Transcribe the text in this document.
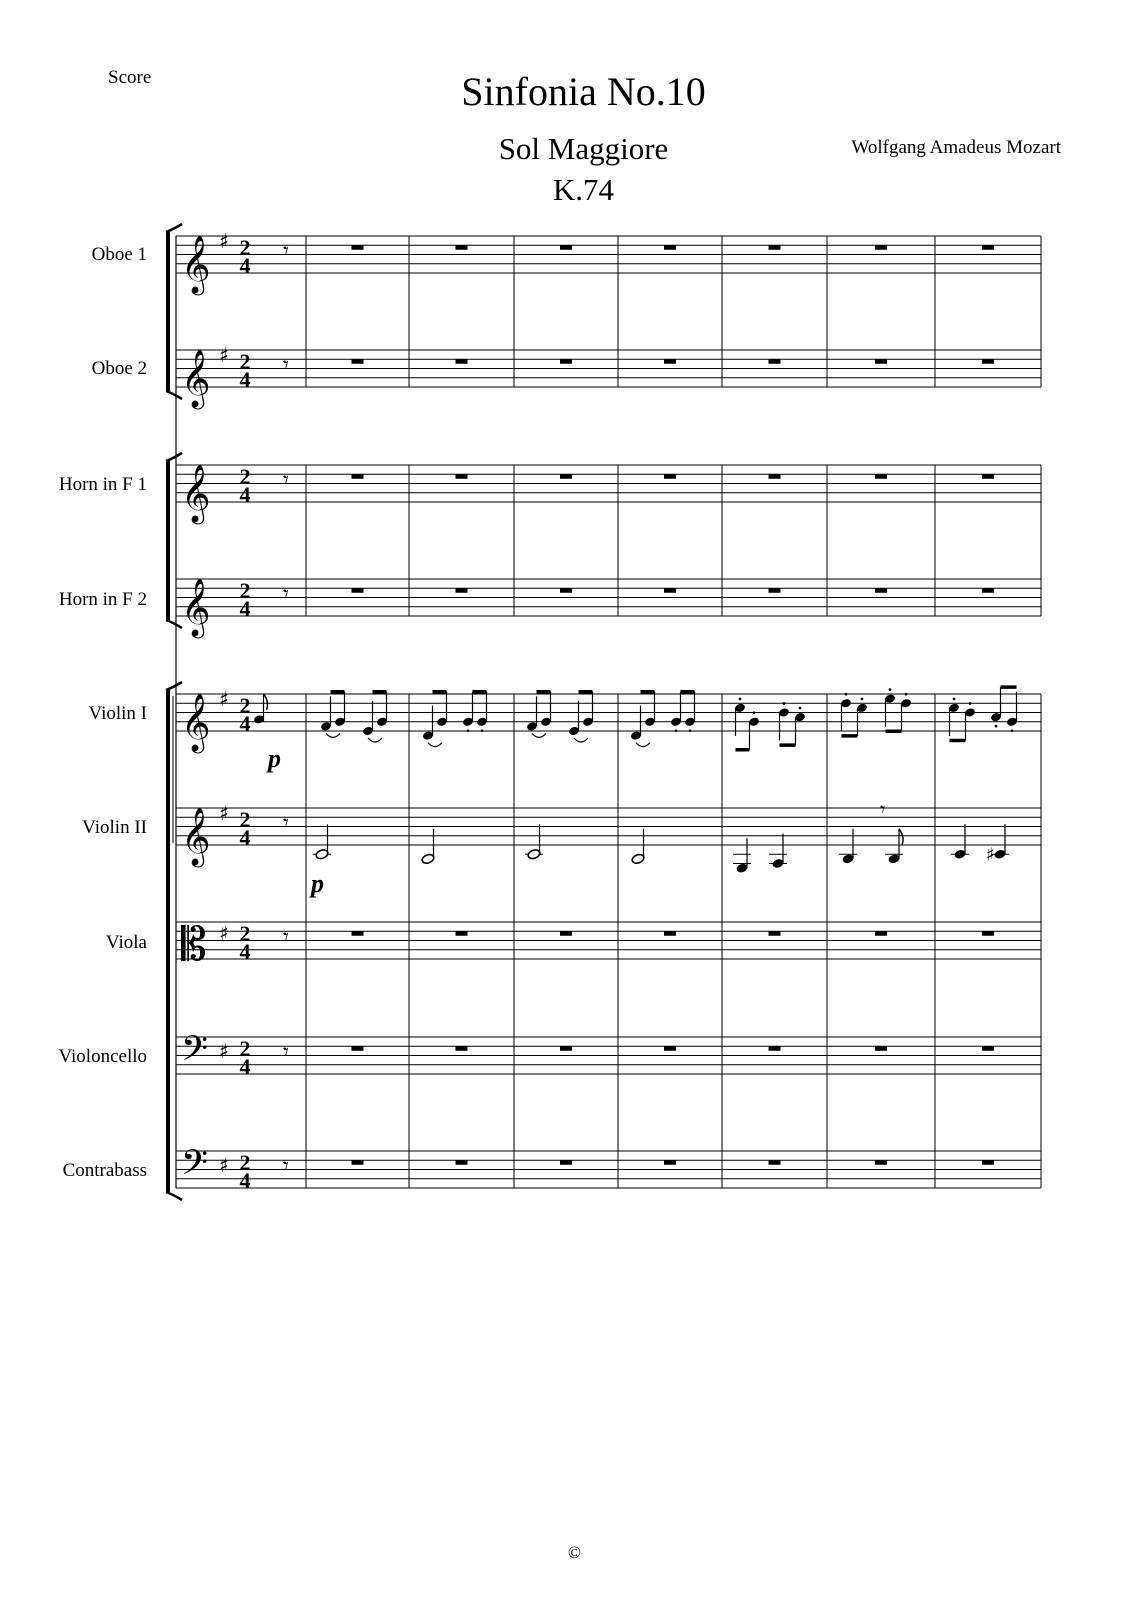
Score	Sinfonia No.10
Sol Maggiore
K.74
Wolfgang Amadeus Mozart
Oboe 1
Oboe 2
Horn in F 1
Horn in F 2
Violin I
Violin II
Viola
Violoncello
Contrabass
𝄞
𝄞
𝄞
𝄞
𝄞
𝄞
𝄡
𝄢
𝄢
♯
♯
♯
♯
♯
♯
♯
2
4
2
4
2
4
2
4
2
4
2
4
2
4
2
4
2
4
𝄾
𝄾
𝄾
𝄾
𝄾
𝄾
𝄾
𝄾
𝄾
♯
p
p
©
